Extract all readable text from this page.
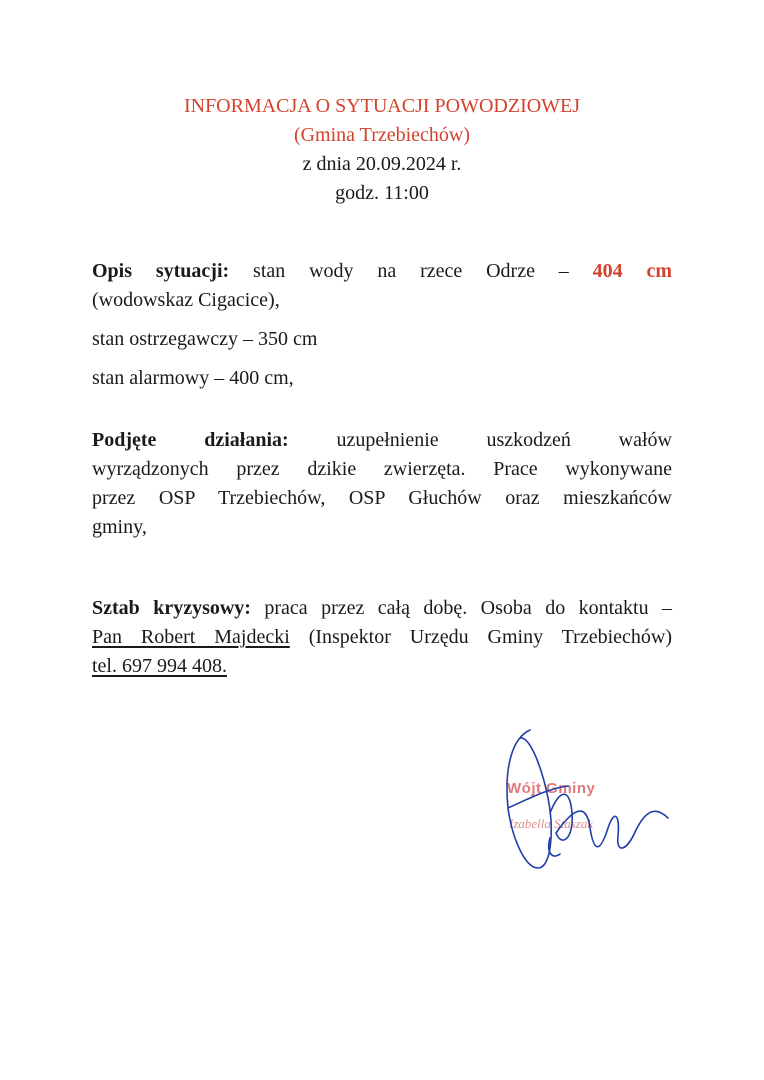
INFORMACJA O SYTUACJI POWODZIOWEJ
(Gmina Trzebiechów)
z dnia 20.09.2024 r.
godz. 11:00
Opis sytuacji: stan wody na rzece Odrze – 404 cm
(wodowskaz Cigacice),
stan ostrzegawczy – 350 cm
stan alarmowy – 400 cm,
Podjęte działania: uzupełnienie uszkodzeń wałów
wyrządzonych przez dzikie zwierzęta. Prace wykonywane
przez OSP Trzebiechów, OSP Głuchów oraz mieszkańców
gminy,
Sztab kryzysowy: praca przez całą dobę. Osoba do kontaktu –
Pan Robert Majdecki (Inspektor Urzędu Gminy Trzebiechów)
tel. 697 994 408.
Wójt Gminy
Izabella Staszak
